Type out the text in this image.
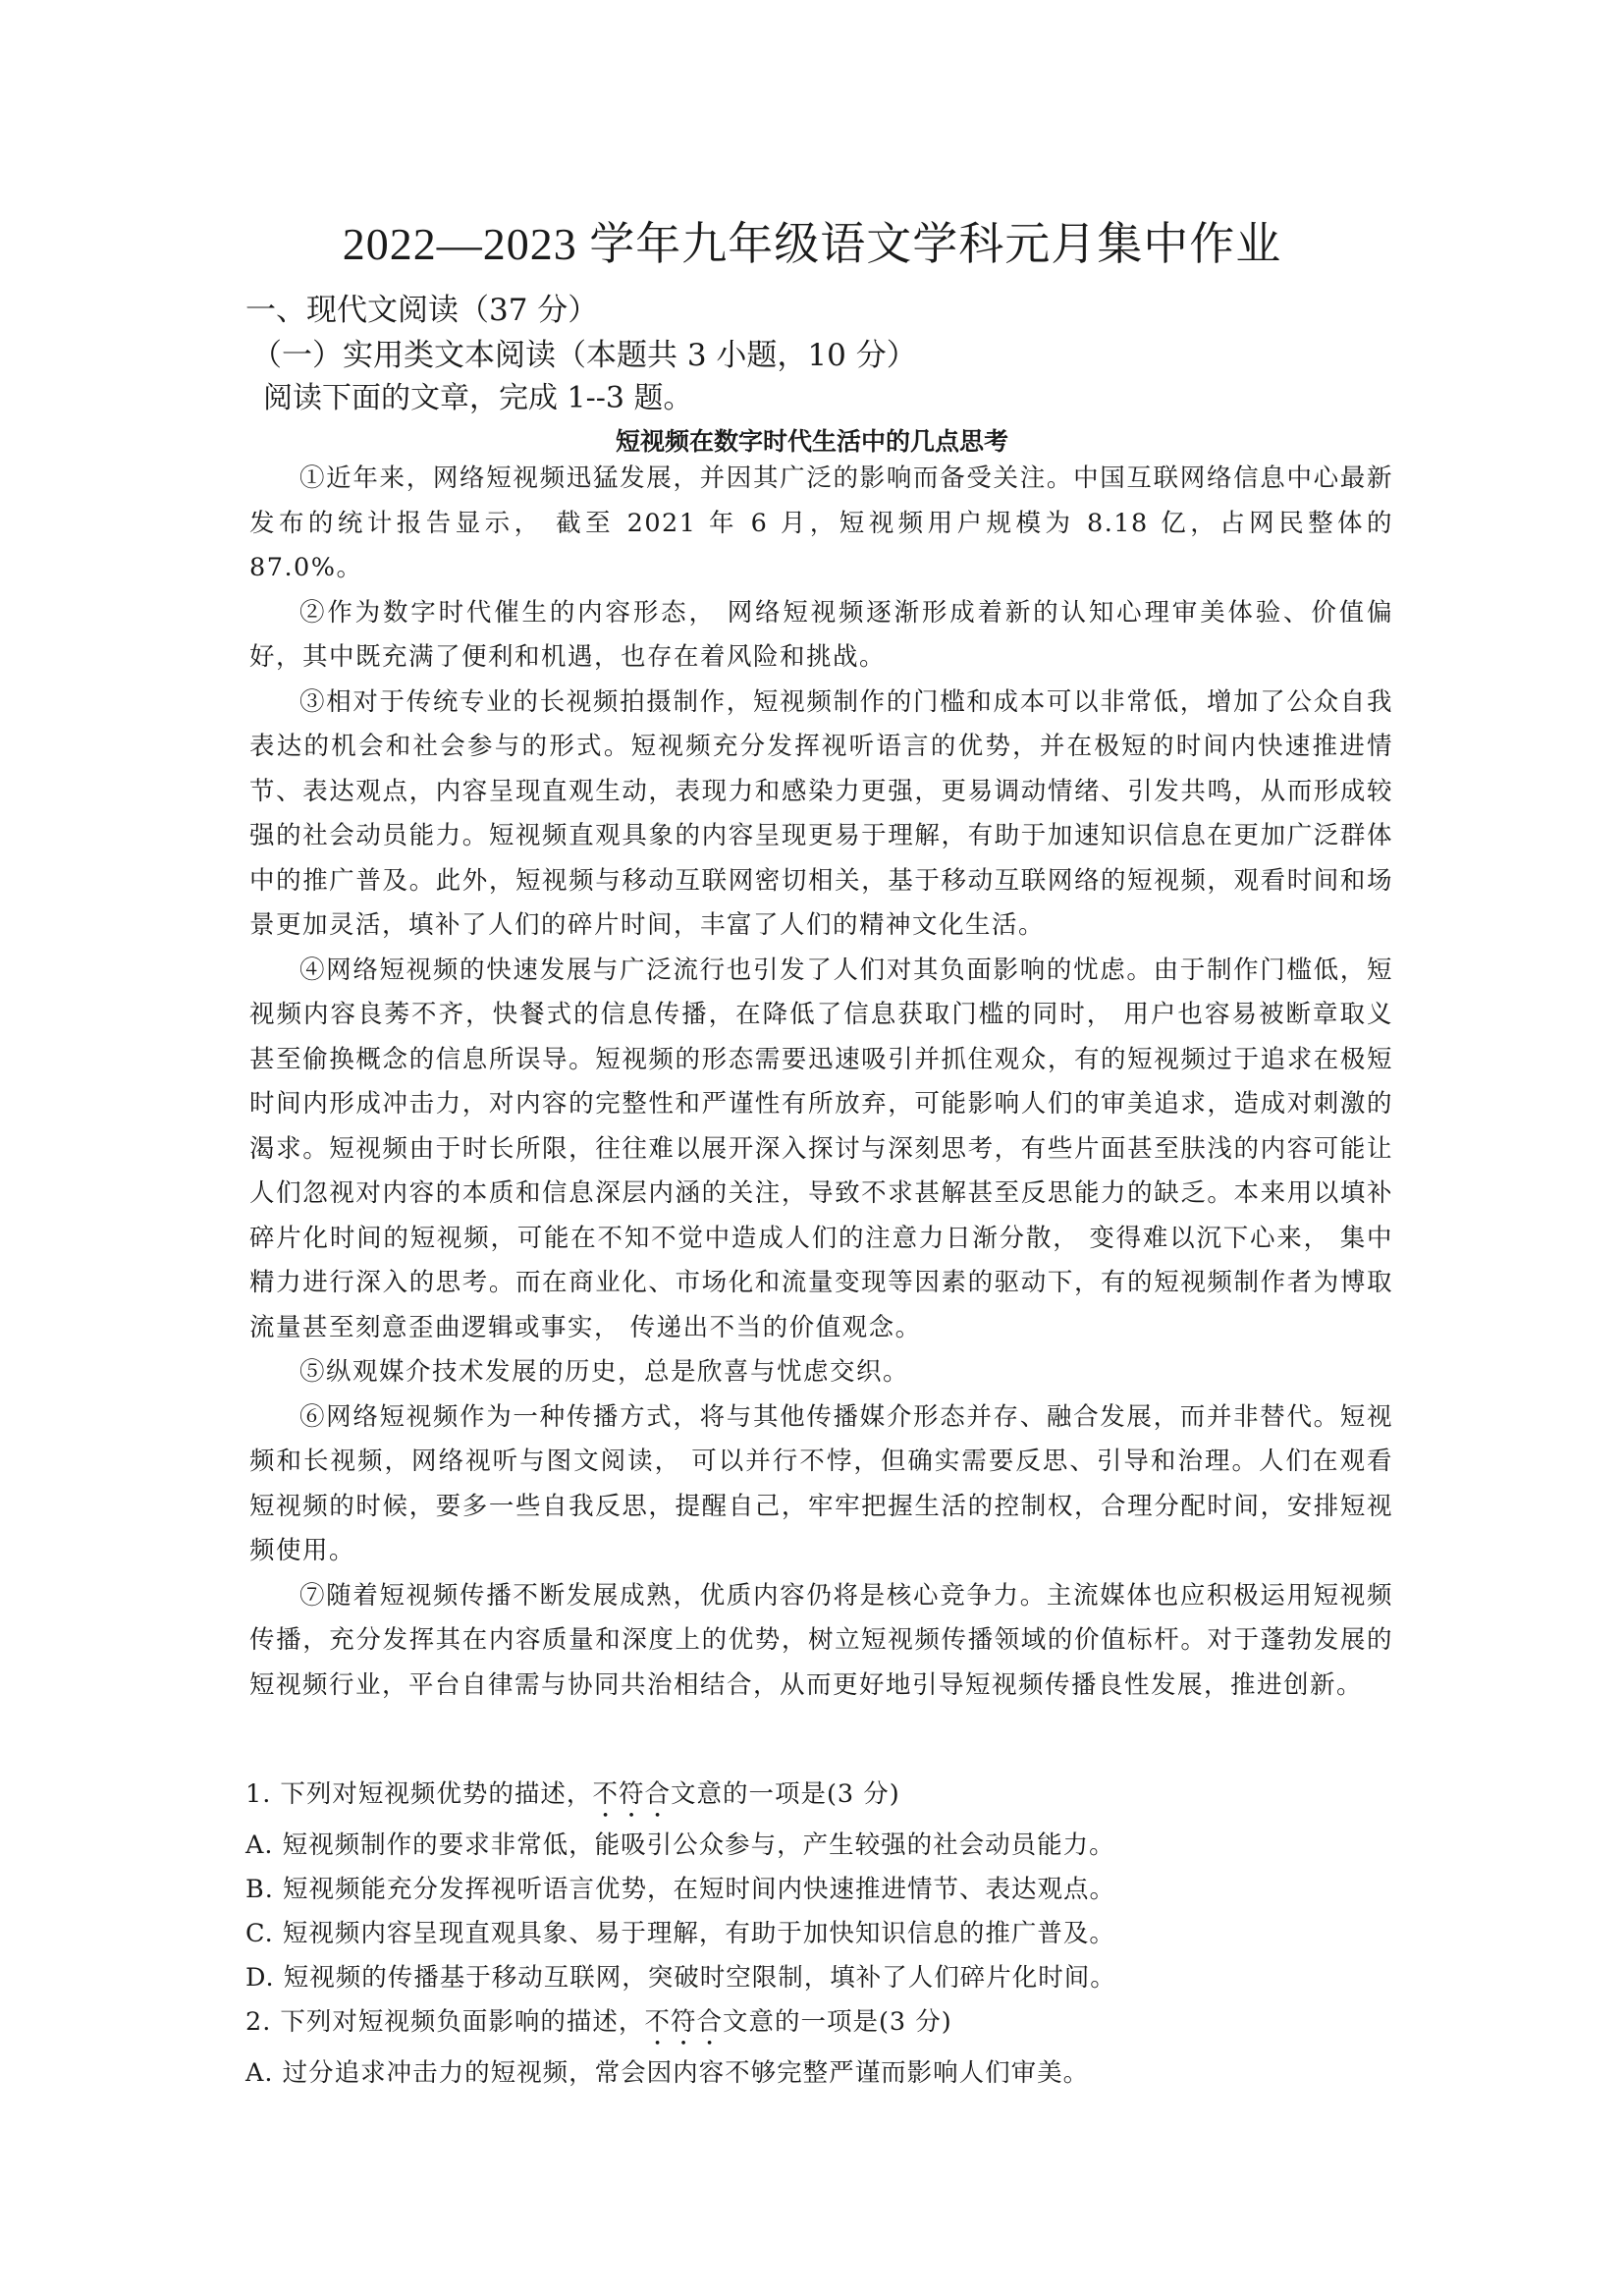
2022—2023 学年九年级语文学科元月集中作业
一、现代文阅读（37 分）
（一）实用类文本阅读（本题共 3 小题，10 分）
阅读下面的文章，完成 1--3 题。
短视频在数字时代生活中的几点思考

①近年来，网络短视频迅猛发展，并因其广泛的影响而备受关注。中国互联网络信息中心最新发布的统计报告显示， 截至 2021 年 6 月，短视频用户规模为 8.18 亿，占网民整体的 87.0%。

②作为数字时代催生的内容形态， 网络短视频逐渐形成着新的认知心理审美体验、价值偏好，其中既充满了便利和机遇，也存在着风险和挑战。

③相对于传统专业的长视频拍摄制作，短视频制作的门槛和成本可以非常低，增加了公众自我表达的机会和社会参与的形式。短视频充分发挥视听语言的优势，并在极短的时间内快速推进情节、表达观点，内容呈现直观生动，表现力和感染力更强，更易调动情绪、引发共鸣，从而形成较强的社会动员能力。短视频直观具象的内容呈现更易于理解，有助于加速知识信息在更加广泛群体中的推广普及。此外，短视频与移动互联网密切相关，基于移动互联网络的短视频，观看时间和场景更加灵活，填补了人们的碎片时间，丰富了人们的精神文化生活。

④网络短视频的快速发展与广泛流行也引发了人们对其负面影响的忧虑。由于制作门槛低，短视频内容良莠不齐，快餐式的信息传播，在降低了信息获取门槛的同时， 用户也容易被断章取义甚至偷换概念的信息所误导。短视频的形态需要迅速吸引并抓住观众，有的短视频过于追求在极短时间内形成冲击力，对内容的完整性和严谨性有所放弃，可能影响人们的审美追求，造成对刺激的渴求。短视频由于时长所限，往往难以展开深入探讨与深刻思考，有些片面甚至肤浅的内容可能让人们忽视对内容的本质和信息深层内涵的关注，导致不求甚解甚至反思能力的缺乏。本来用以填补碎片化时间的短视频，可能在不知不觉中造成人们的注意力日渐分散， 变得难以沉下心来， 集中精力进行深入的思考。而在商业化、市场化和流量变现等因素的驱动下，有的短视频制作者为博取流量甚至刻意歪曲逻辑或事实， 传递出不当的价值观念。

⑤纵观媒介技术发展的历史，总是欣喜与忧虑交织。

⑥网络短视频作为一种传播方式，将与其他传播媒介形态并存、融合发展，而并非替代。短视频和长视频，网络视听与图文阅读， 可以并行不悖，但确实需要反思、引导和治理。人们在观看短视频的时候，要多一些自我反思，提醒自己，牢牢把握生活的控制权，合理分配时间，安排短视频使用。

⑦随着短视频传播不断发展成熟，优质内容仍将是核心竞争力。主流媒体也应积极运用短视频传播，充分发挥其在内容质量和深度上的优势，树立短视频传播领域的价值标杆。对于蓬勃发展的短视频行业，平台自律需与协同共治相结合，从而更好地引导短视频传播良性发展，推进创新。

1. 下列对短视频优势的描述，不符合文意的一项是(3 分)
A. 短视频制作的要求非常低，能吸引公众参与，产生较强的社会动员能力。
B. 短视频能充分发挥视听语言优势，在短时间内快速推进情节、表达观点。
C. 短视频内容呈现直观具象、易于理解，有助于加快知识信息的推广普及。
D. 短视频的传播基于移动互联网，突破时空限制，填补了人们碎片化时间。
2. 下列对短视频负面影响的描述，不符合文意的一项是(3 分)
A. 过分追求冲击力的短视频，常会因内容不够完整严谨而影响人们审美。
